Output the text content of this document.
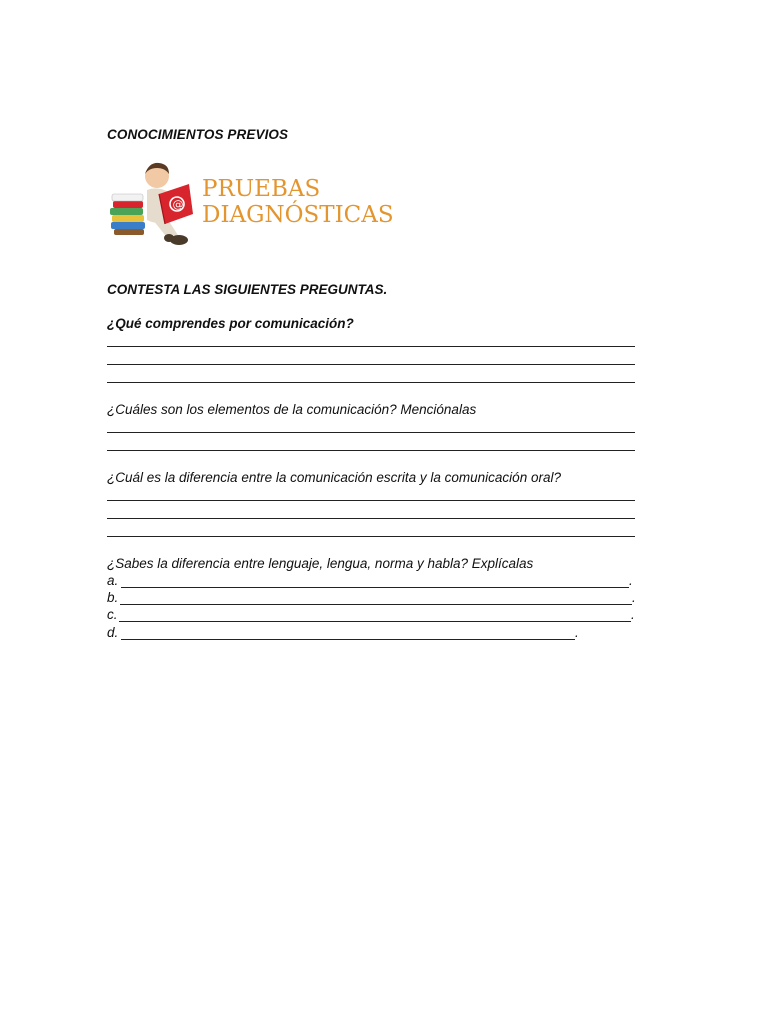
CONOCIMIENTOS PREVIOS
@
PRUEBAS
DIAGNÓSTICAS
CONTESTA LAS SIGUIENTES PREGUNTAS.
¿Qué comprendes por comunicación?
¿Cuáles son los elementos de la comunicación? Menciónalas
¿Cuál es la diferencia entre la comunicación escrita y la comunicación oral?
¿Sabes la diferencia entre lenguaje, lengua, norma y habla? Explícalas
a.	.
b.	.
c.	.
d.	.
